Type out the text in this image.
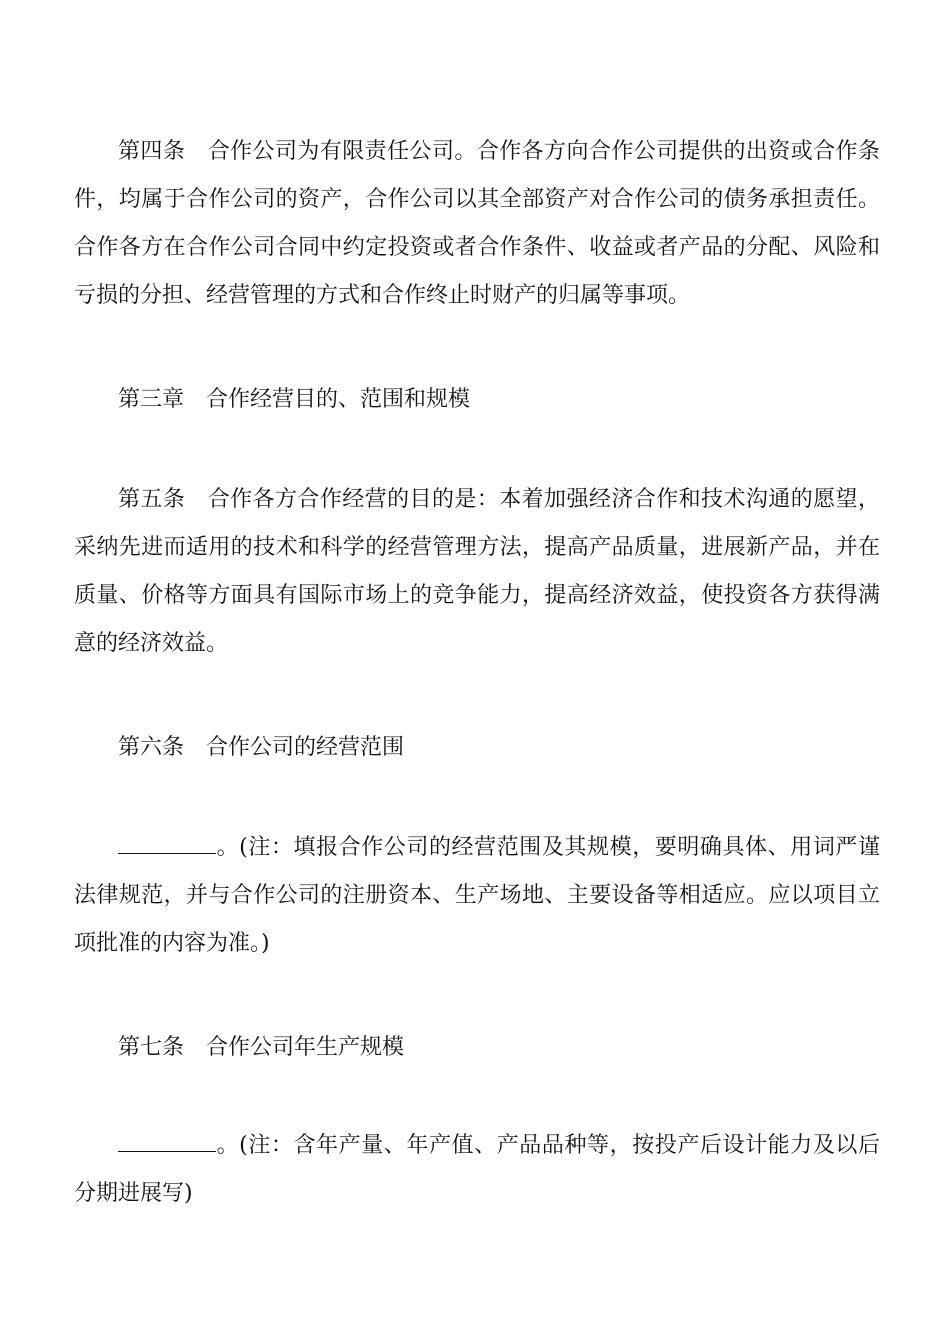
第四条 合作公司为有限责任公司。合作各方向合作公司提供的出资或合作条件，均属于合作公司的资产，合作公司以其全部资产对合作公司的债务承担责任。合作各方在合作公司合同中约定投资或者合作条件、收益或者产品的分配、风险和亏损的分担、经营管理的方式和合作终止时财产的归属等事项。

第三章 合作经营目的、范围和规模

第五条 合作各方合作经营的目的是：本着加强经济合作和技术沟通的愿望，采纳先进而适用的技术和科学的经营管理方法，提高产品质量，进展新产品，并在质量、价格等方面具有国际市场上的竞争能力，提高经济效益，使投资各方获得满意的经济效益。

第六条 合作公司的经营范围

。(注：填报合作公司的经营范围及其规模，要明确具体、用词严谨法律规范，并与合作公司的注册资本、生产场地、主要设备等相适应。应以项目立项批准的内容为准。)

第七条 合作公司年生产规模

。(注：含年产量、年产值、产品品种等，按投产后设计能力及以后分期进展写)
